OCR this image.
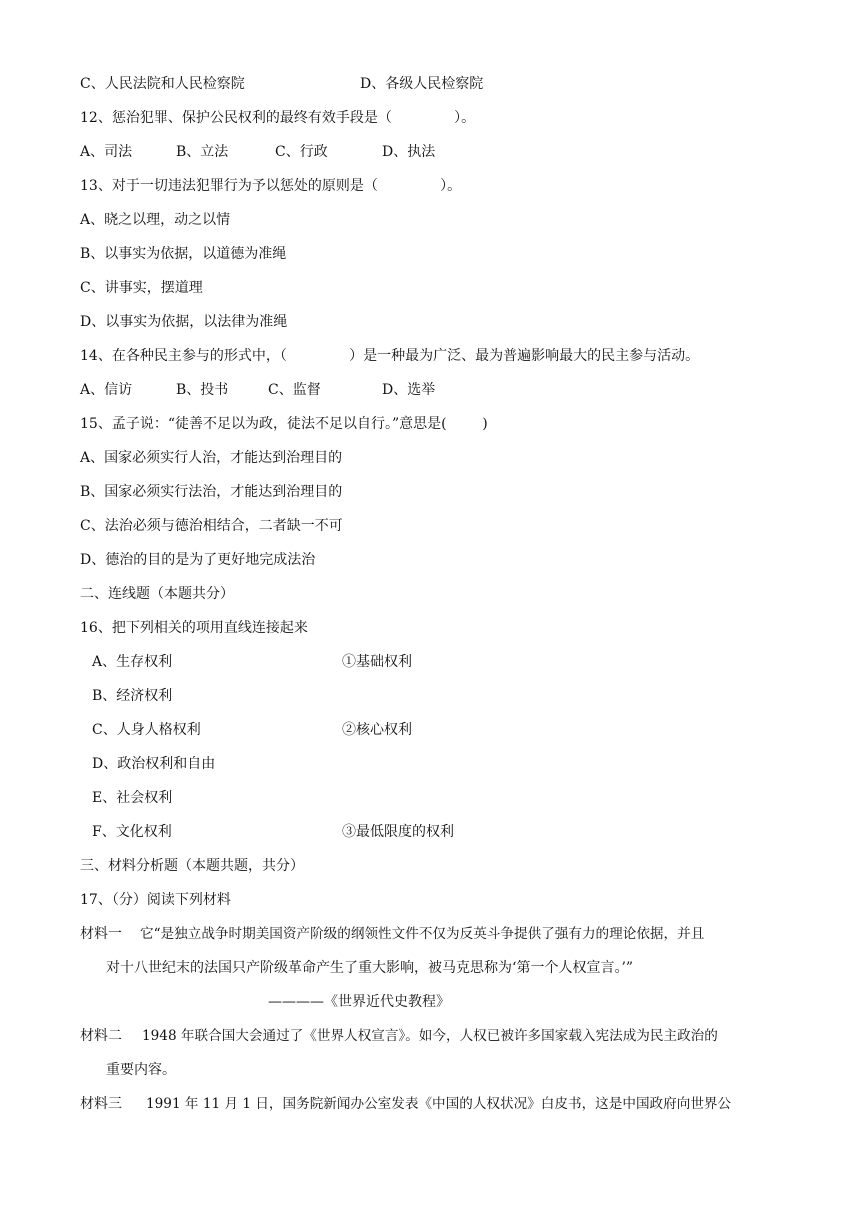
C、人民法院和人民检察院	D、各级人民检察院
12、惩治犯罪、保护公民权利的最终有效手段是（              ）。
A、司法	B、立法	C、行政	D、执法
13、对于一切违法犯罪行为予以惩处的原则是（              ）。
A、晓之以理，动之以情
B、以事实为依据，以道德为准绳
C、讲事实，摆道理
D、以事实为依据，以法律为准绳
14、在各种民主参与的形式中，（              ）是一种最为广泛、最为普遍影响最大的民主参与活动。
A、信访	B、投书	C、监督	D、选举
15、孟子说：“徒善不足以为政，徒法不足以自行。”意思是(        )
A、国家必须实行人治，才能达到治理目的
B、国家必须实行法治，才能达到治理目的
C、法治必须与德治相结合，二者缺一不可
D、德治的目的是为了更好地完成法治
二、连线题（本题共分）
16、把下列相关的项用直线连接起来
A、生存权利	①基础权利
B、经济权利
C、人身人格权利	②核心权利
D、政治权利和自由
E、社会权利
F、文化权利	③最低限度的权利
三、材料分析题（本题共题，共分）
17、（分）阅读下列材料
材料一 它“是独立战争时期美国资产阶级的纲领性文件不仅为反英斗争提供了强有力的理论依据，并且
对十八世纪末的法国只产阶级革命产生了重大影响，被马克思称为‘第一个人权宣言。’”
————《世界近代史教程》
材料二 1948 年联合国大会通过了《世界人权宣言》。如今，人权已被许多国家载入宪法成为民主政治的
重要内容。
材料三 1991 年 11 月 1 日，国务院新闻办公室发表《中国的人权状况》白皮书，这是中国政府向世界公
